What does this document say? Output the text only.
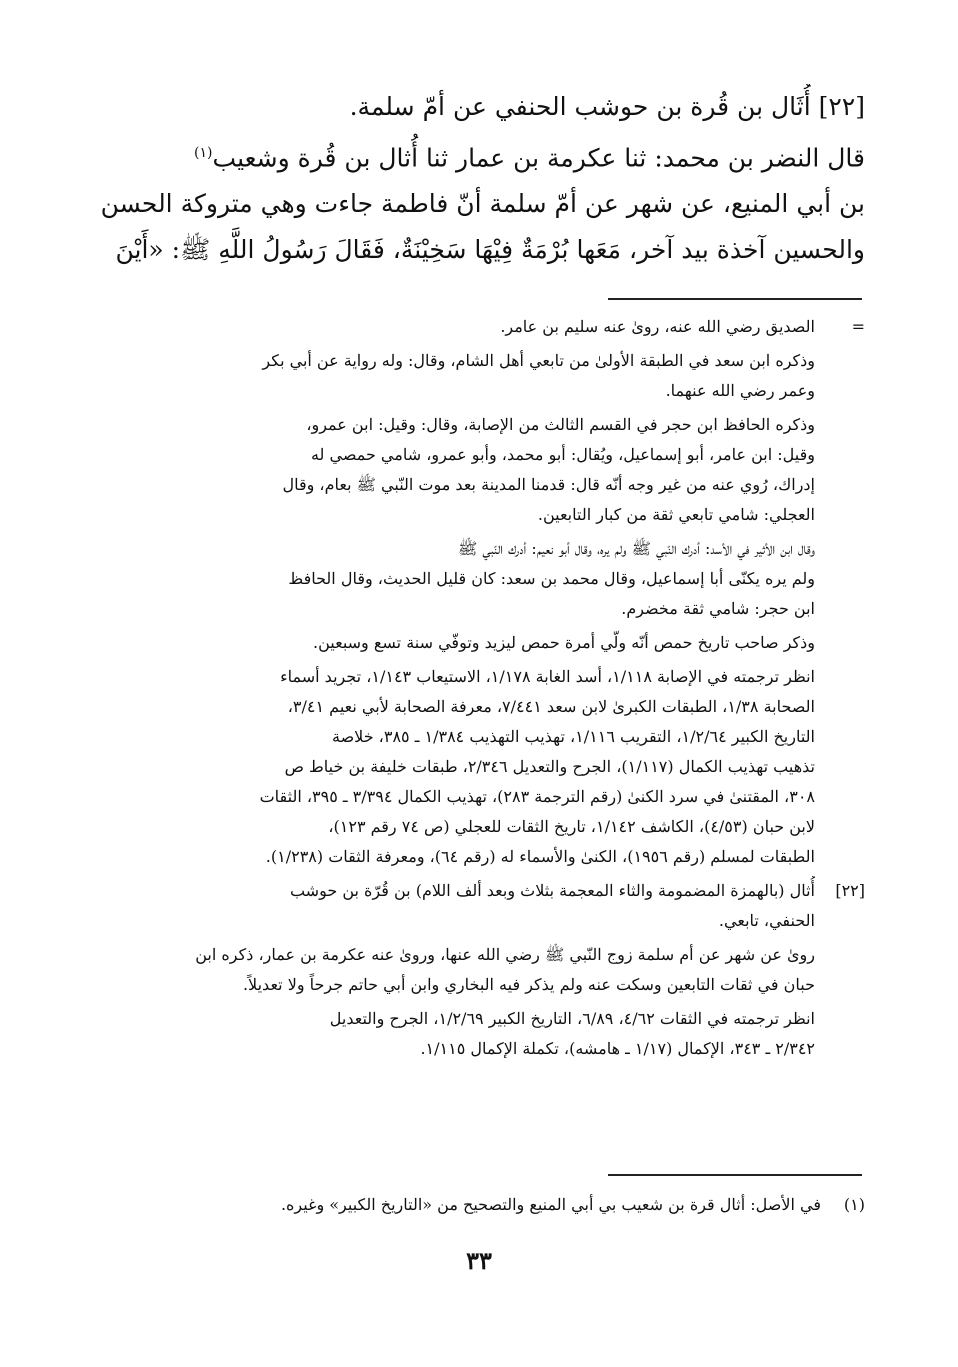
[٢٢] أُثَال بن قُرة بن حوشب الحنفي عن أمّ سلمة.
قال النضر بن محمد: ثنا عكرمة بن عمار ثنا أُثال بن قُرة وشعيب$^{(١)}$
بن أبي المنيع، عن شهر عن أمّ سلمة أنّ فاطمة جاءت وهي متروكة الحسن
والحسين آخذة بيد آخر، مَعَها بُرْمَةٌ فِيْهَا سَخِيْنَةٌ، فَقَالَ رَسُولُ اللَّهِ ﷺ: «أَيْنَ
=
الصديق رضي الله عنه، روىٰ عنه سليم بن عامر.
وذكره ابن سعد في الطبقة الأولىٰ من تابعي أهل الشام، وقال: وله رواية عن أبي بكر
وعمر رضي الله عنهما.
وذكره الحافظ ابن حجر في القسم الثالث من الإصابة، وقال: وقيل: ابن عمرو،
وقيل: ابن عامر، أبو إسماعيل، ويُقال: أبو محمد، وأبو عمرو، شامي حمصي له
إدراك، رُوي عنه من غير وجه أنّه قال: قدمنا المدينة بعد موت النّبي ﷺ بعام، وقال
العجلي: شامي تابعي ثقة من كبار التابعين.
وقال ابن الأثير في الأسد: أدرك النّبي ﷺ ولم يره، وقال أبو نعيم: أدرك النّبي ﷺ
ولم يره يكنّى أبا إسماعيل، وقال محمد بن سعد: كان قليل الحديث، وقال الحافظ
ابن حجر: شامي ثقة مخضرم.
وذكر صاحب تاريخ حمص أنّه ولّي أمرة حمص ليزيد وتوفّي سنة تسع وسبعين.
انظر ترجمته في الإصابة ١/١١٨، أسد الغابة ١/١٧٨، الاستيعاب ١/١٤٣، تجريد أسماء
الصحابة ١/٣٨، الطبقات الكبرىٰ لابن سعد ٧/٤٤١، معرفة الصحابة لأبي نعيم ٣/٤١،
التاريخ الكبير ١/٢/٦٤، التقريب ١/١١٦، تهذيب التهذيب ١/٣٨٤ ـ ٣٨٥، خلاصة
تذهيب تهذيب الكمال (١/١١٧)، الجرح والتعديل ٢/٣٤٦، طبقات خليفة بن خياط ص
٣٠٨، المقتنىٰ في سرد الكنىٰ (رقم الترجمة ٢٨٣)، تهذيب الكمال ٣/٣٩٤ ـ ٣٩٥، الثقات
لابن حبان (٤/٥٣)، الكاشف ١/١٤٢، تاريخ الثقات للعجلي (ص ٧٤ رقم ١٢٣)،
الطبقات لمسلم (رقم ١٩٥٦)، الكنىٰ والأسماء له (رقم ٦٤)، ومعرفة الثقات (١/٢٣٨).
[٢٢]
أُثال (بالهمزة المضمومة والثاء المعجمة بثلاث وبعد ألف اللام) بن قُرّة بن حوشب
الحنفي، تابعي.
روىٰ عن شهر عن أم سلمة زوج النّبي ﷺ رضي الله عنها، وروىٰ عنه عكرمة بن عمار، ذكره ابن
حبان في ثقات التابعين وسكت عنه ولم يذكر فيه البخاري وابن أبي حاتم جرحاً ولا تعديلاً.
انظر ترجمته في الثقات ٤/٦٢، ٦/٨٩، التاريخ الكبير ١/٢/٦٩، الجرح والتعديل
٢/٣٤٢ ـ ٣٤٣، الإكمال (١/١٧ ـ هامشه)، تكملة الإكمال ١/١١٥.
(١)في الأصل: أثال قرة بن شعيب بي أبي المنيع والتصحيح من «التاريخ الكبير» وغيره.
٣٣
